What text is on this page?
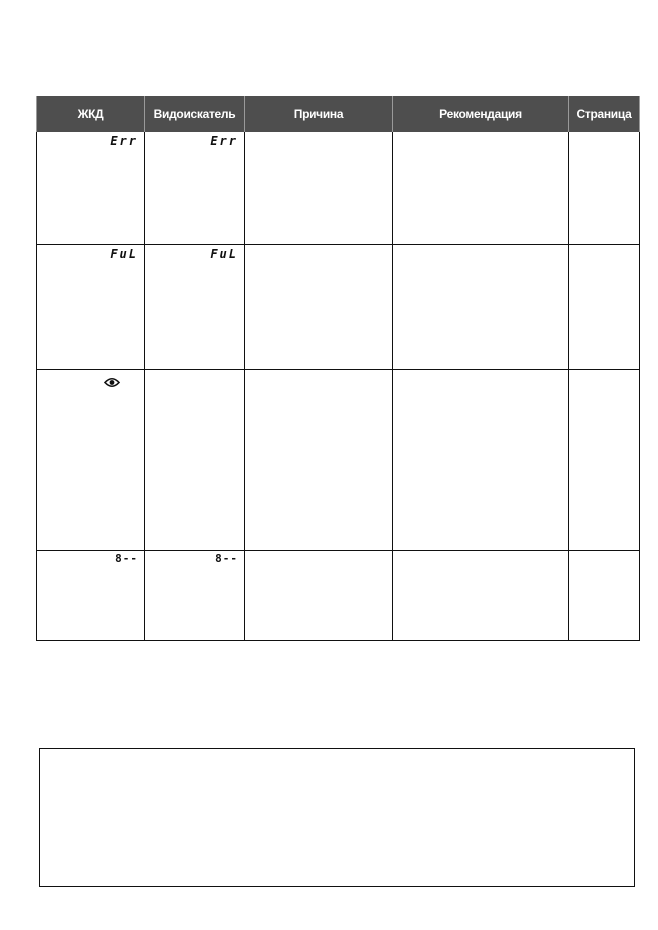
ЖКД	Видоискатель	Причина	Рекомендация	Страница

Err	Err			

FuL	FuL			

8--	8--			
